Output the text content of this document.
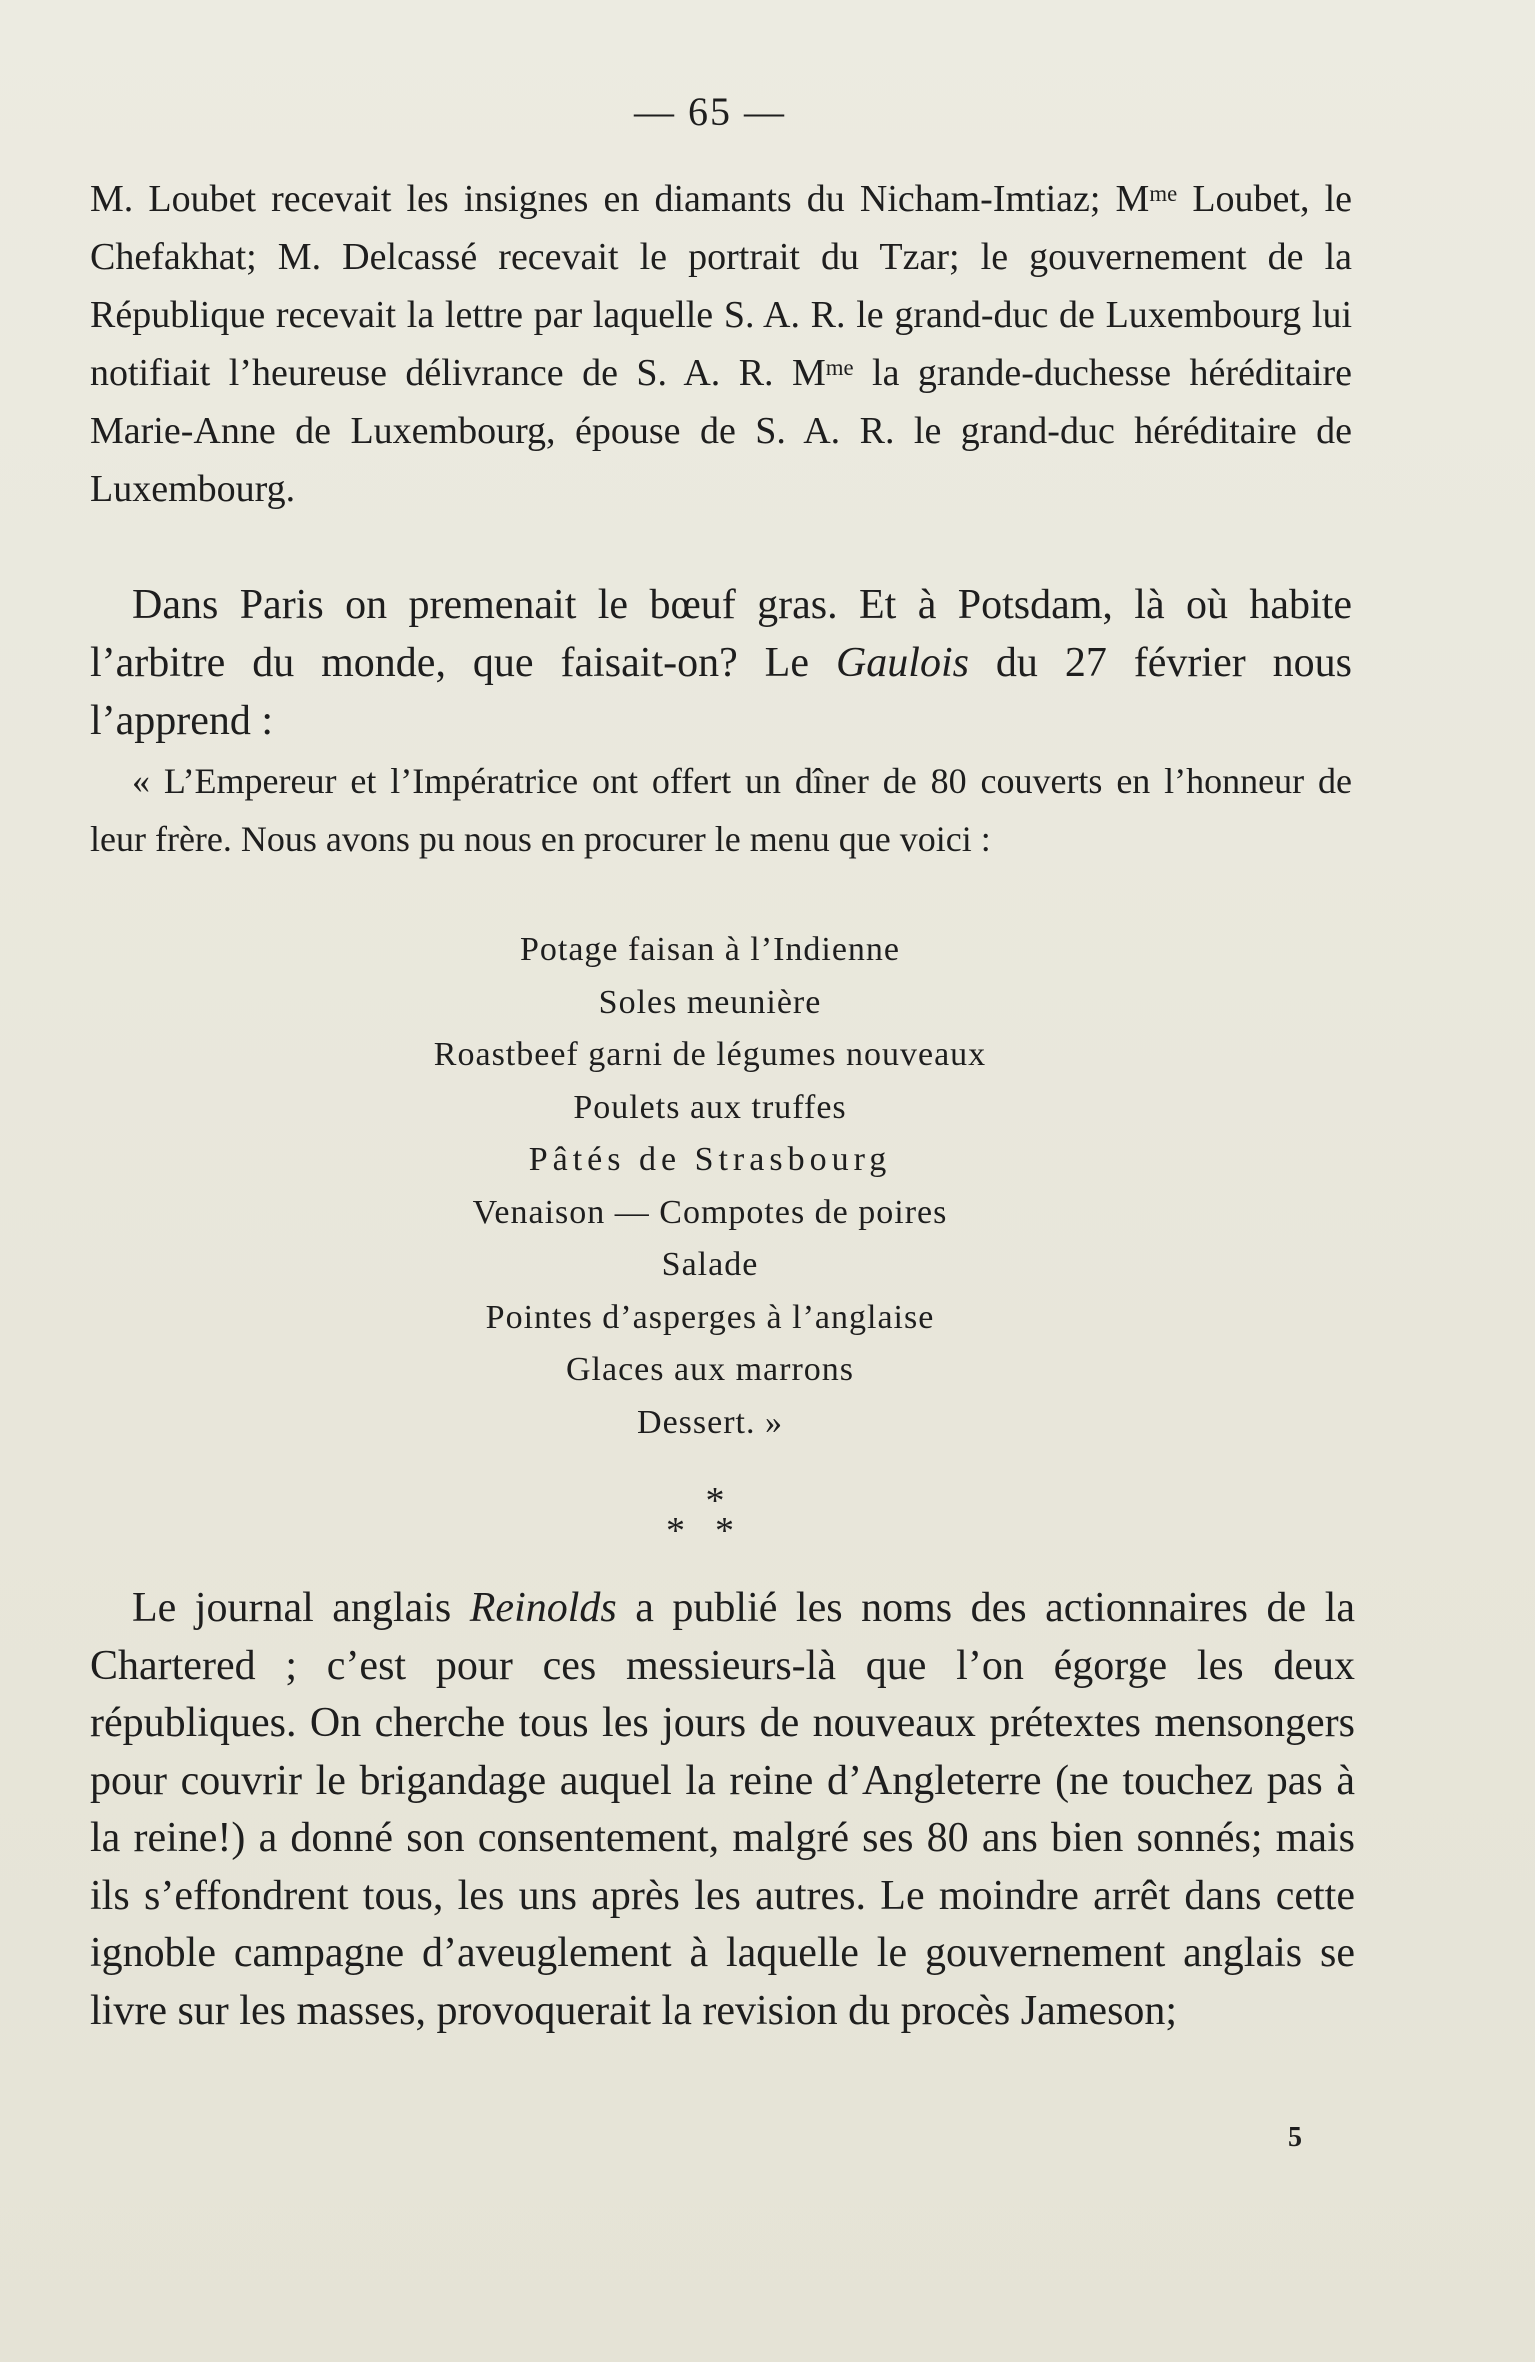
— 65 —

M. Loubet recevait les insignes en diamants du Nicham-Imtiaz; $M^{me}$ Loubet, le Chefakhat; M. Delcassé recevait le portrait du Tzar; le gouvernement de la République recevait la lettre par laquelle S. A. R. le grand-duc de Luxembourg lui notifiait l’heureuse délivrance de S. A. R. $M^{me}$ la grande-duchesse héréditaire Marie-Anne de Luxembourg, épouse de S. A. R. le grand-duc héréditaire de Luxembourg.

Dans Paris on premenait le bœuf gras. Et à Potsdam, là où habite l’arbitre du monde, que faisait-on? Le Gaulois du 27 février nous l’apprend :

« L’Empereur et l’Impératrice ont offert un dîner de 80 couverts en l’honneur de leur frère. Nous avons pu nous en procurer le menu que voici :

Potage faisan à l’Indienne
Soles meunière
Roastbeef garni de légumes nouveaux
Poulets aux truffes
Pâtés de Strasbourg
Venaison — Compotes de poires
Salade
Pointes d’asperges à l’anglaise
Glaces aux marrons
Dessert. »
*
**

Le journal anglais Reinolds a publié les noms des actionnaires de la Chartered ; c’est pour ces messieurs-là que l’on égorge les deux républiques. On cherche tous les jours de nouveaux prétextes mensongers pour couvrir le brigandage auquel la reine d’Angleterre (ne touchez pas à la reine!) a donné son consentement, malgré ses 80 ans bien sonnés; mais ils s’effondrent tous, les uns après les autres. Le moindre arrêt dans cette ignoble campagne d’aveuglement à laquelle le gouvernement anglais se livre sur les masses, provoquerait la revision du procès Jameson;

5
